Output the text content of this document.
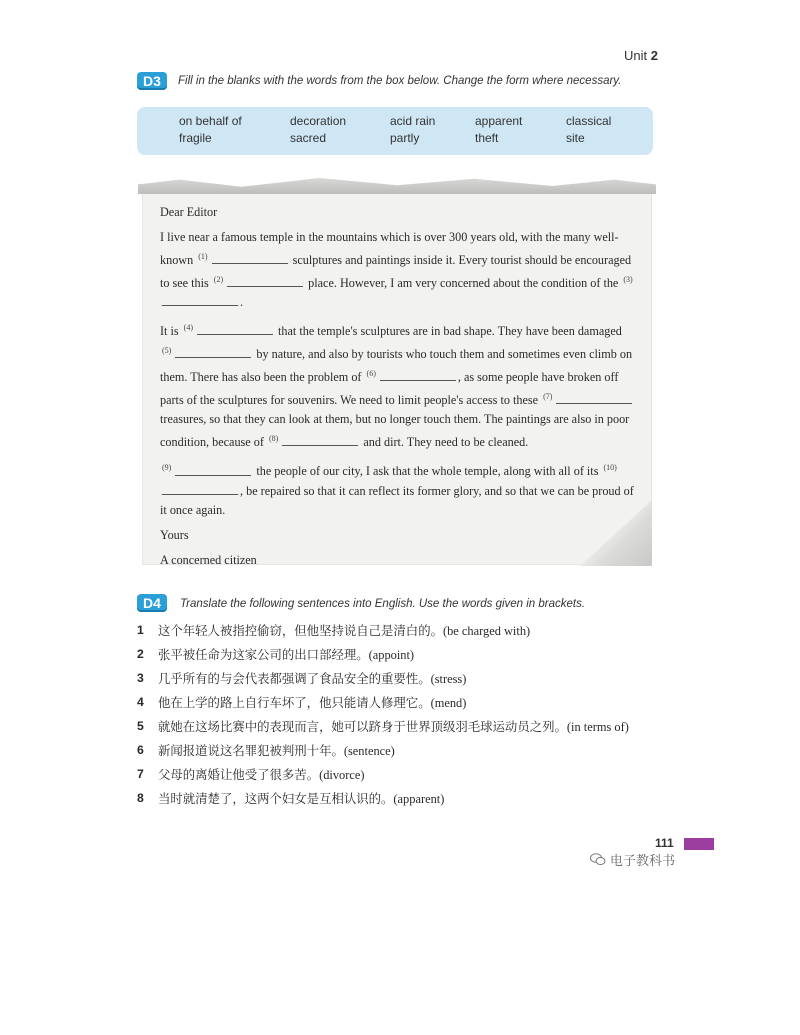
Unit 2
D3	Fill in the blanks with the words from the box below. Change the form where necessary.
on behalf of	decoration	acid rain	apparent	classical
fragile	sacred	partly	theft	site

Dear Editor

I live near a famous temple in the mountains which is over 300 years old, with the many well-known $^{(1)}$	sculptures and paintings inside it. Every tourist should be encouraged to see this $^{(2)}$	place. However, I am very concerned about the condition of the $^{(3)}$.

It is $^{(4)}$	that the temple's sculptures are in bad shape. They have been damaged $^{(5)}$	by nature, and also by tourists who touch them and sometimes even climb on them. There has also been the problem of $^{(6)}$	, as some people have broken off parts of the sculptures for souvenirs. We need to limit people's access to these $^{(7)}$ treasures, so that they can look at them, but no longer touch them. The paintings are also in poor condition, because of $^{(8)}$	and dirt. They need to be cleaned.

$^{(9)}$	the people of our city, I ask that the whole temple, along with all of its $^{(10)}$, be repaired so that it can reflect its former glory, and so that we can be proud of it once again.

Yours

A concerned citizen

D4	Translate the following sentences into English. Use the words given in brackets.
1 这个年轻人被指控偷窃，但他坚持说自己是清白的。(be charged with)
2 张平被任命为这家公司的出口部经理。(appoint)
3 几乎所有的与会代表都强调了食品安全的重要性。(stress)
4 他在上学的路上自行车坏了，他只能请人修理它。(mend)
5 就她在这场比赛中的表现而言，她可以跻身于世界顶级羽毛球运动员之列。(in terms of)
6 新闻报道说这名罪犯被判刑十年。(sentence)
7 父母的离婚让他受了很多苦。(divorce)
8 当时就清楚了，这两个妇女是互相认识的。(apparent)
111
电子教科书
